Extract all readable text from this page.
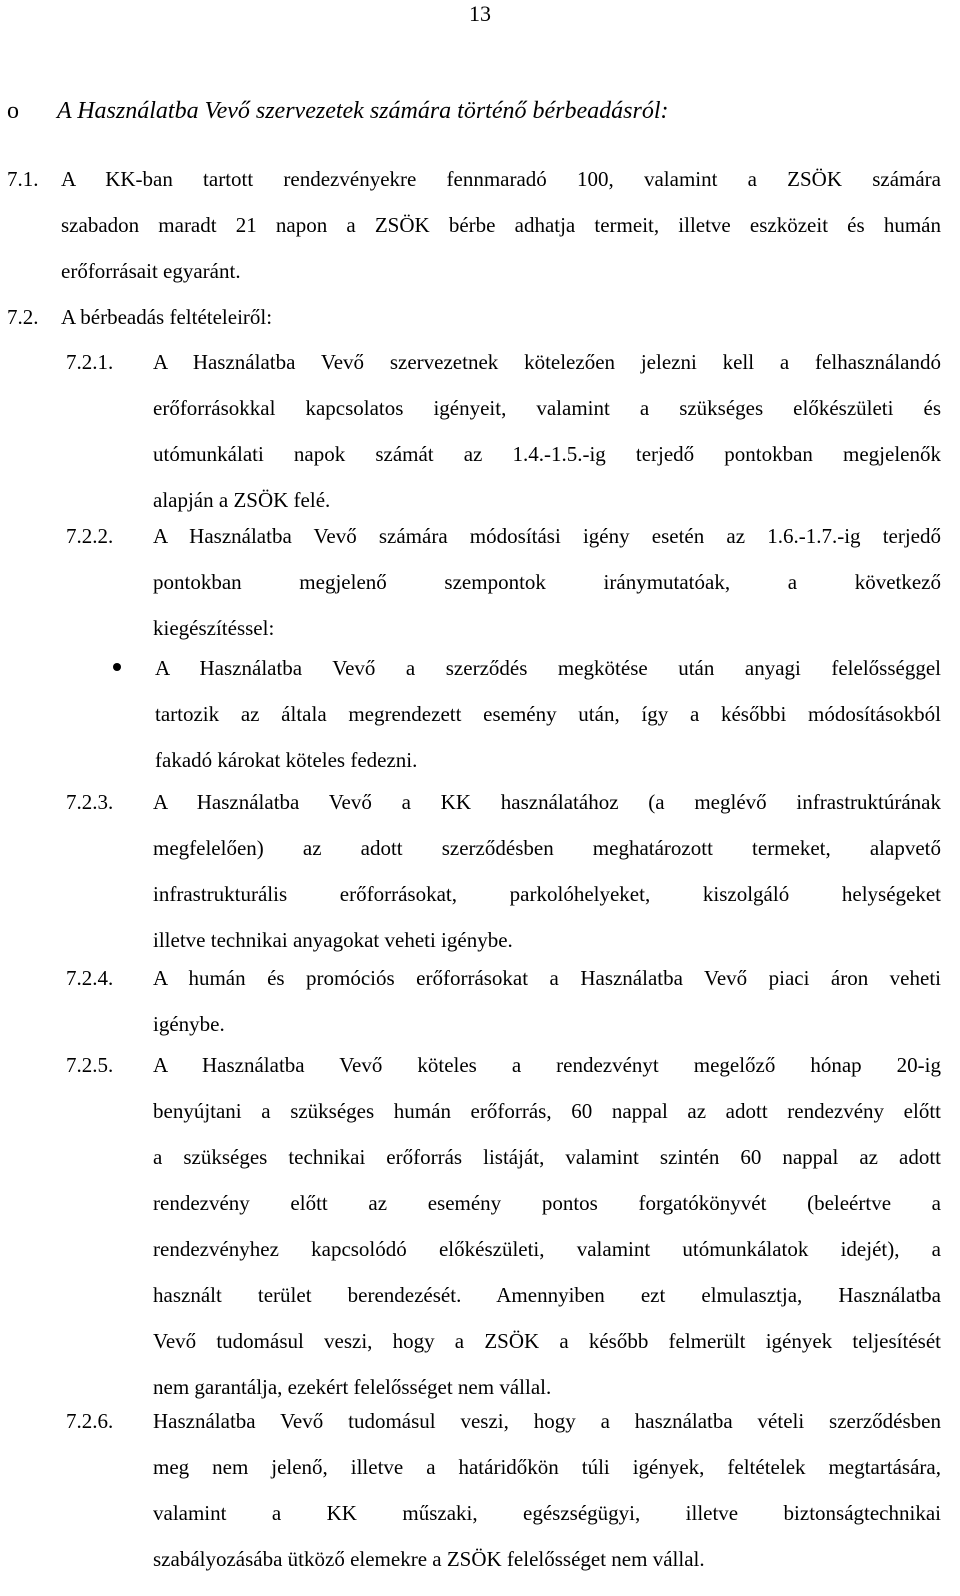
13
o A Használatba Vevő szervezetek számára történő bérbeadásról:
7.1. A KK-ban tartott rendezvényekre fennmaradó 100, valamint a ZSÖK számára
szabadon maradt 21 napon a ZSÖK bérbe adhatja termeit, illetve eszközeit és humán
erőforrásait egyaránt.
7.2. A bérbeadás feltételeiről:
7.2.1. A Használatba Vevő szervezetnek kötelezően jelezni kell a felhasználandó
erőforrásokkal kapcsolatos igényeit, valamint a szükséges előkészületi és
utómunkálati napok számát az 1.4.-1.5.-ig terjedő pontokban megjelenők
alapján a ZSÖK felé.
7.2.2. A Használatba Vevő számára módosítási igény esetén az 1.6.-1.7.-ig terjedő
pontokban megjelenő szempontok iránymutatóak, a következő
kiegészítéssel:
A Használatba Vevő a szerződés megkötése után anyagi felelősséggel
tartozik az általa megrendezett esemény után, így a későbbi módosításokból
fakadó károkat köteles fedezni.
7.2.3. A Használatba Vevő a KK használatához (a meglévő infrastruktúrának
megfelelően) az adott szerződésben meghatározott termeket, alapvető
infrastrukturális erőforrásokat, parkolóhelyeket, kiszolgáló helységeket
illetve technikai anyagokat veheti igénybe.
7.2.4. A humán és promóciós erőforrásokat a Használatba Vevő piaci áron veheti
igénybe.
7.2.5. A Használatba Vevő köteles a rendezvényt megelőző hónap 20-ig
benyújtani a szükséges humán erőforrás, 60 nappal az adott rendezvény előtt
a szükséges technikai erőforrás listáját, valamint szintén 60 nappal az adott
rendezvény előtt az esemény pontos forgatókönyvét (beleértve a
rendezvényhez kapcsolódó előkészületi, valamint utómunkálatok idejét), a
használt terület berendezését. Amennyiben ezt elmulasztja, Használatba
Vevő tudomásul veszi, hogy a ZSÖK a később felmerült igények teljesítését
nem garantálja, ezekért felelősséget nem vállal.
7.2.6. Használatba Vevő tudomásul veszi, hogy a használatba vételi szerződésben
meg nem jelenő, illetve a határidőkön túli igények, feltételek megtartására,
valamint a KK műszaki, egészségügyi, illetve biztonságtechnikai
szabályozásába ütköző elemekre a ZSÖK felelősséget nem vállal.
